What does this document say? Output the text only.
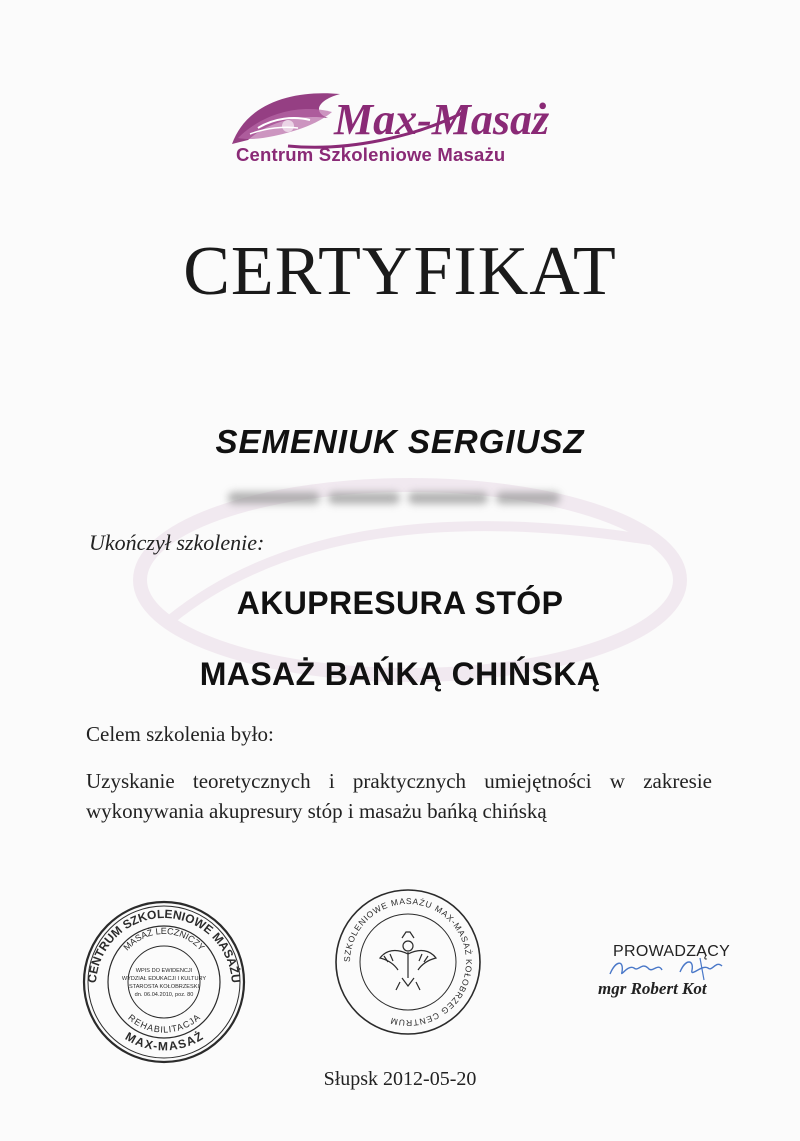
Max-Masaż
Centrum Szkoleniowe Masażu
CERTYFIKAT
SEMENIUK SERGIUSZ
Ukończył szkolenie:
AKUPRESURA STÓP
MASAŻ BAŃKĄ CHIŃSKĄ
Celem szkolenia było:
Uzyskanie teoretycznych i praktycznych umiejętności w zakresie wykonywania akupresury stóp i masażu bańką chińską
CENTRUM SZKOLENIOWE MASAŻU
MAX-MASAŻ
MASAŻ LECZNICZY
REHABILITACJA
WPIS DO EWIDENCJI
WYDZIAŁ EDUKACJI I KULTURY
STAROSTA KOŁOBRZESKI
dn. 06.04.2010, poz. 80
SZKOLENIOWE MASAŻU MAX-MASAŻ KOŁOBRZEG CENTRUM
PROWADZĄCY
mgr Robert Kot
Słupsk 2012-05-20
